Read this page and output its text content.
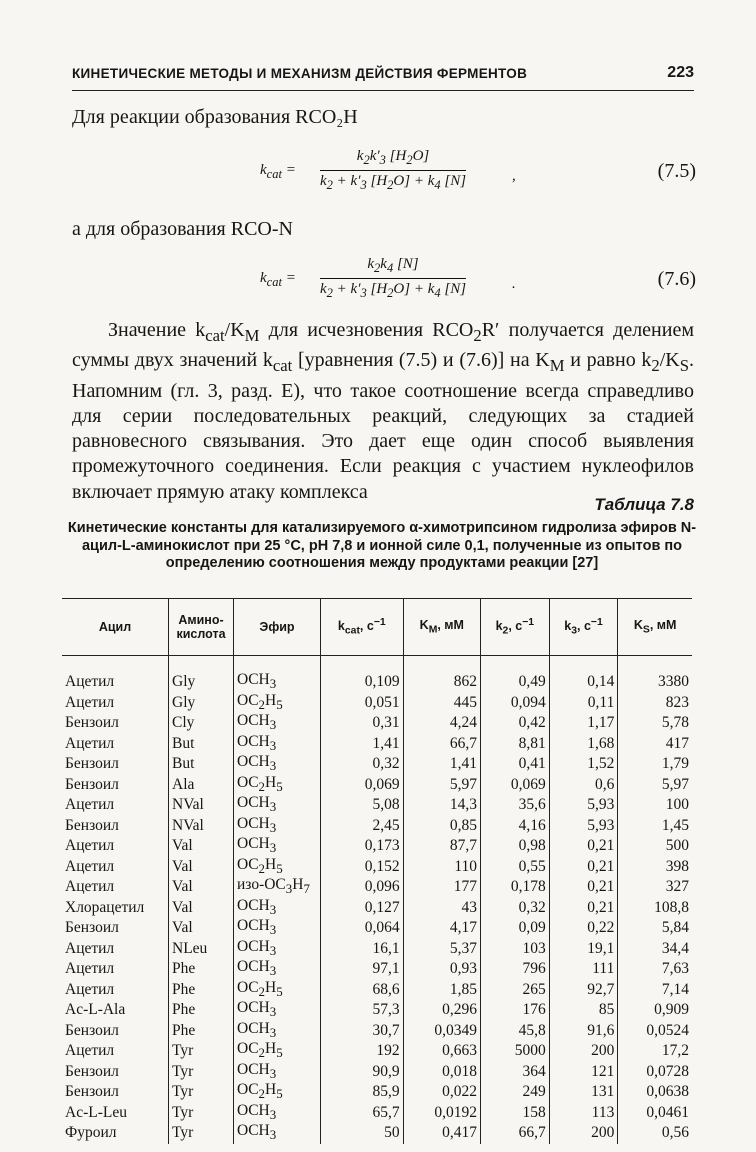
КИНЕТИЧЕСКИЕ МЕТОДЫ И МЕХАНИЗМ ДЕЙСТВИЯ ФЕРМЕНТОВ	223
Для реакции образования RCO₂H
$k_{cat} = \frac{k_2k'_3 [H_2O]}{k_2 + k'_3 [H_2O] + k_4 [N]}$	,	(7.5)
а для образования RCO-N
$k_{cat} = \frac{k_2k_4 [N]}{k_2 + k'_3 [H_2O] + k_4 [N]}$	.	(7.6)

Значение $k_{cat}/K_M$ для исчезновения $RCO_2R'$ получается делением суммы двух значений $k_{cat}$ [уравнения (7.5) и (7.6)] на $K_M$ и равно $k_2/K_S$. Напомним (гл. 3, разд. Е), что такое соотношение всегда справедливо для серии последовательных реакций, следующих за стадией равновесного связывания. Это дает еще один способ выявления промежуточного соединения. Если реакция с участием нуклеофилов включает прямую атаку комплекса

Таблица 7.8
Кинетические константы для катализируемого α-химотрипсином гидролиза эфиров N-ацил-L-аминокислот при 25 °С, pH 7,8 и ионной силе 0,1, полученные из опытов по определению соотношения между продуктами реакции [27]
Ацил	Амино-кислота	Эфир	$k_{cat}$, $с^{-1}$	$K_M$, мМ	$k_2$, $с^{-1}$	$k_3$, $с^{-1}$	$K_S$, мМ
Ацетил	Gly	$OCH_3$	0,109	862	0,49	0,14	3380
Ацетил	Gly	$OC_2H_5$	0,051	445	0,094	0,11	823
Бензоил	Cly	$OCH_3$	0,31	4,24	0,42	1,17	5,78
Ацетил	But	$OCH_3$	1,41	66,7	8,81	1,68	417
Бензоил	But	$OCH_3$	0,32	1,41	0,41	1,52	1,79
Бензоил	Ala	$OC_2H_5$	0,069	5,97	0,069	0,6	5,97
Ацетил	NVal	$OCH_3$	5,08	14,3	35,6	5,93	100
Бензоил	NVal	$OCH_3$	2,45	0,85	4,16	5,93	1,45
Ацетил	Val	$OCH_3$	0,173	87,7	0,98	0,21	500
Ацетил	Val	$OC_2H_5$	0,152	110	0,55	0,21	398
Ацетил	Val	изо-$OC_3H_7$	0,096	177	0,178	0,21	327
Хлорацетил	Val	$OCH_3$	0,127	43	0,32	0,21	108,8
Бензоил	Val	$OCH_3$	0,064	4,17	0,09	0,22	5,84
Ацетил	NLeu	$OCH_3$	16,1	5,37	103	19,1	34,4
Ацетил	Phe	$OCH_3$	97,1	0,93	796	111	7,63
Ацетил	Phe	$OC_2H_5$	68,6	1,85	265	92,7	7,14
Ac-L-Ala	Phe	$OCH_3$	57,3	0,296	176	85	0,909
Бензоил	Phe	$OCH_3$	30,7	0,0349	45,8	91,6	0,0524
Ацетил	Tyr	$OC_2H_5$	192	0,663	5000	200	17,2
Бензоил	Tyr	$OCH_3$	90,9	0,018	364	121	0,0728
Бензоил	Tyr	$OC_2H_5$	85,9	0,022	249	131	0,0638
Ac-L-Leu	Tyr	$OCH_3$	65,7	0,0192	158	113	0,0461
Фуроил	Tyr	$OCH_3$	50	0,417	66,7	200	0,56
